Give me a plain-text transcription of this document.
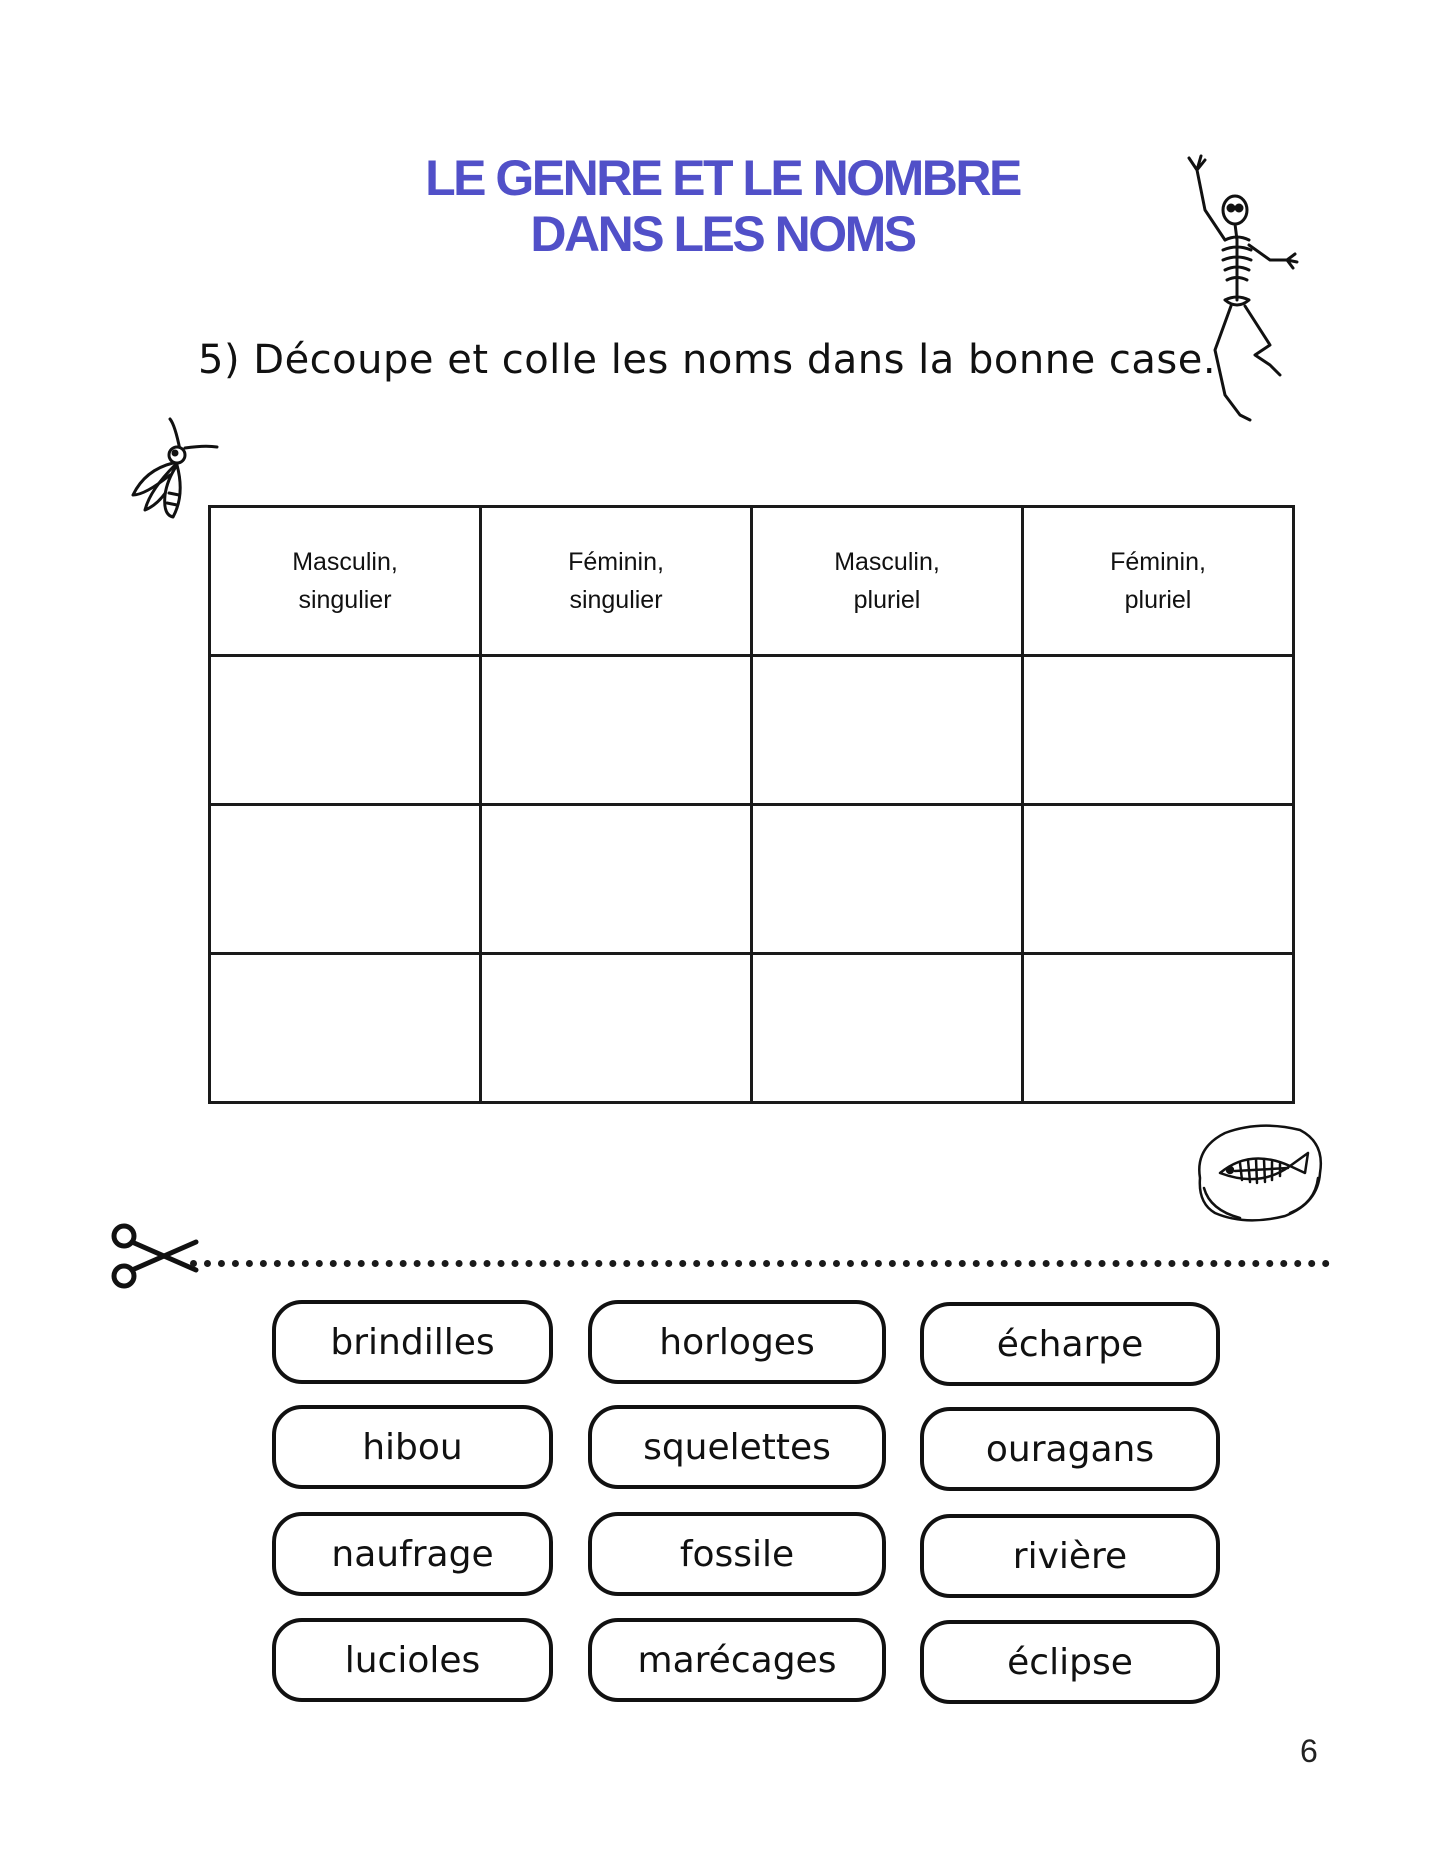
LE GENRE ET LE NOMBRE
DANS LES NOMS
5) Découpe et colle les noms dans la bonne case.
Masculin,
singulier	Féminin,
singulier	Masculin,
pluriel	Féminin,
pluriel

brindilles	horloges	écharpe
hibou	squelettes	ouragans
naufrage	fossile	rivière
lucioles	marécages	éclipse
6
